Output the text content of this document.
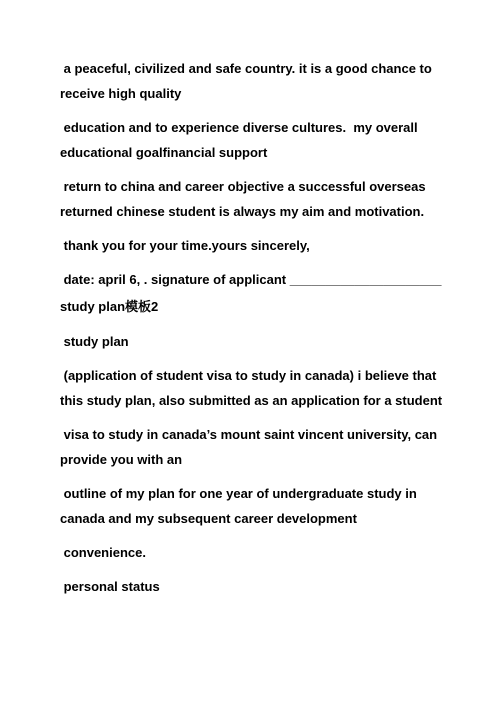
a peaceful, civilized and safe country. it is a good chance to
receive high quality
education and to experience diverse cultures.  my overall
educational goalfinancial support
return to china and career objective a successful overseas
returned chinese student is always my aim and motivation.
thank you for your time.yours sincerely,
date: april 6, . signature of applicant _____________________
study plan模板2
study plan
(application of student visa to study in canada) i believe that
this study plan, also submitted as an application for a student
visa to study in canada’s mount saint vincent university, can
provide you with an
outline of my plan for one year of undergraduate study in
canada and my subsequent career development
convenience.
personal status
